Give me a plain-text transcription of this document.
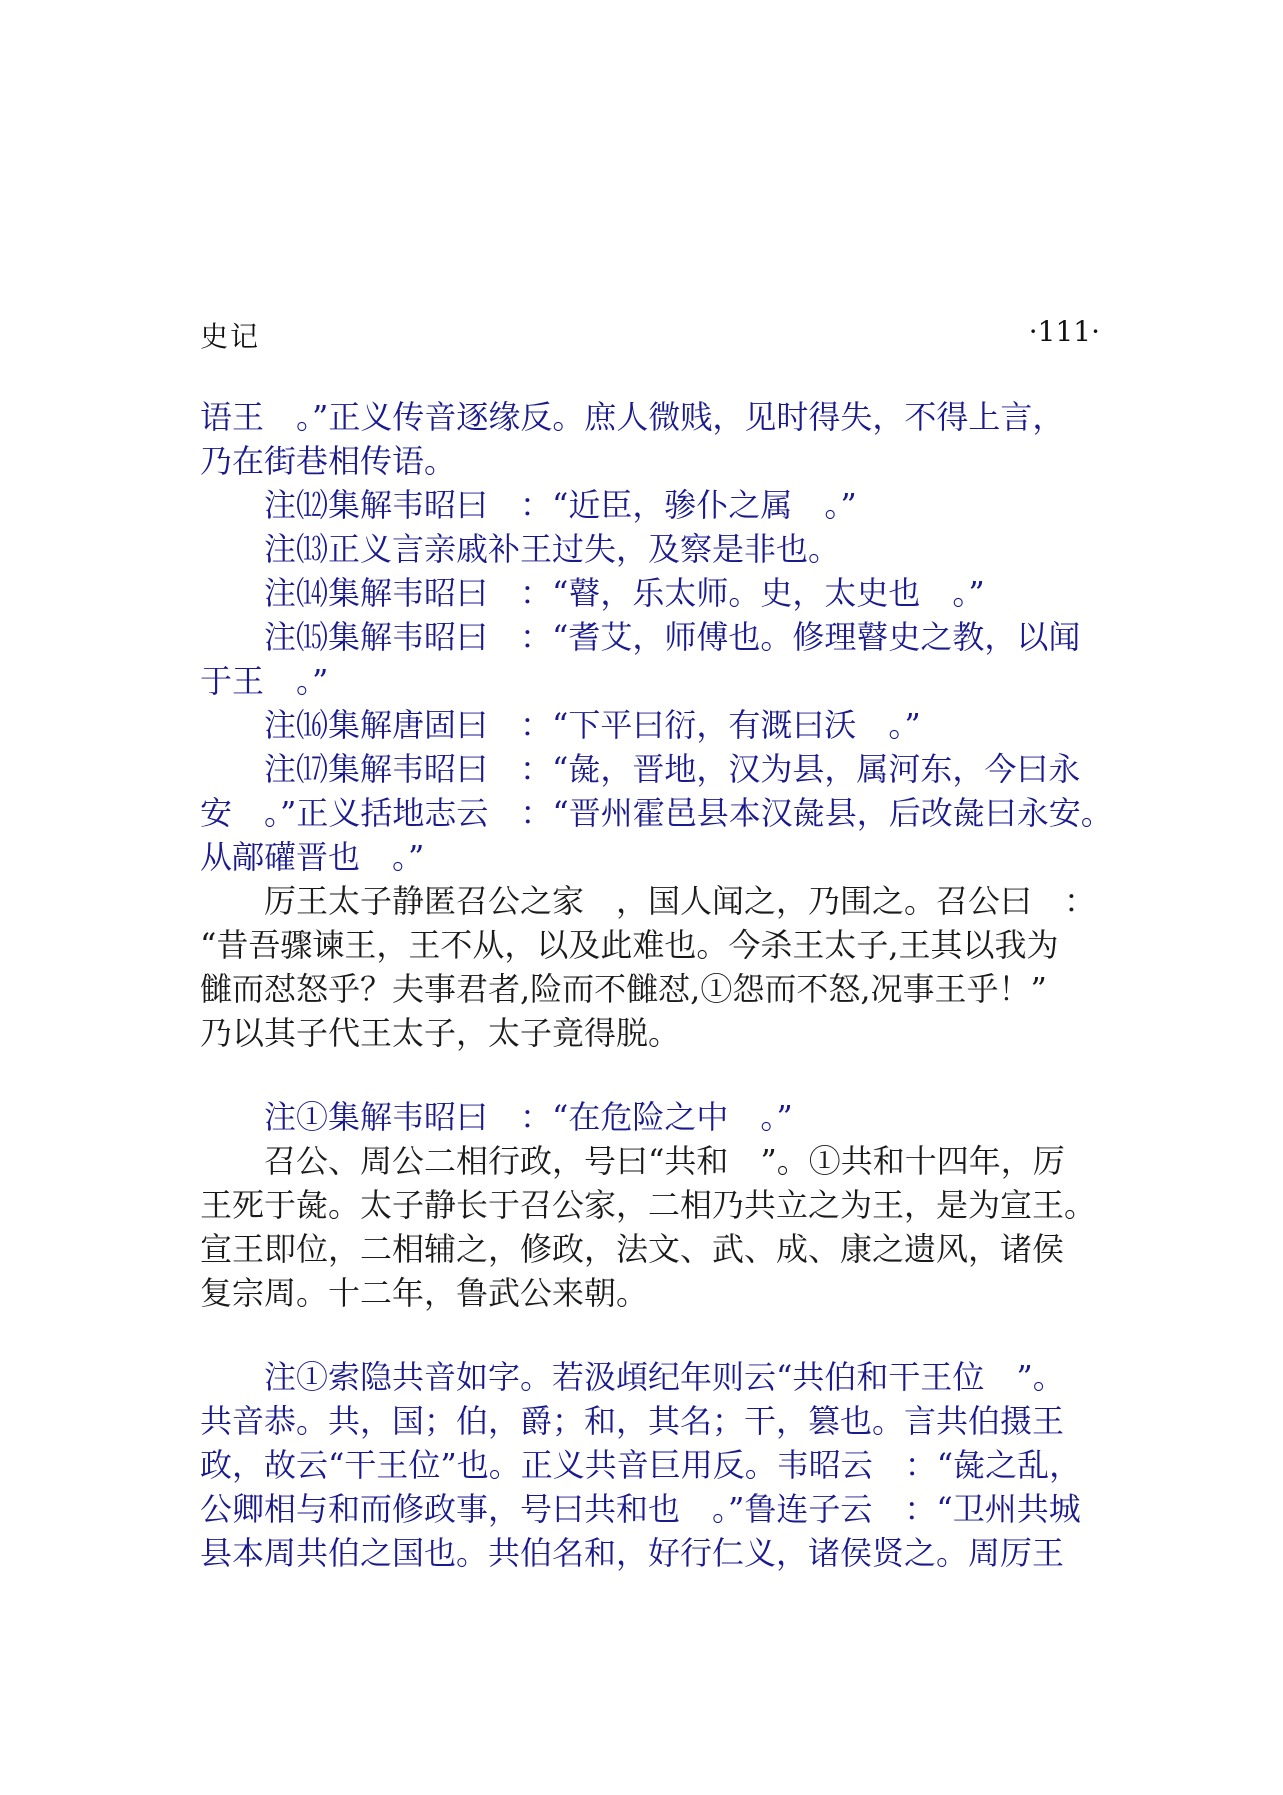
史记	·111·
语王　。”正义传音逐缘反。庶人微贱，见时得失，不得上言，
乃在街巷相传语。
注⑿集解韦昭曰　：“近臣，骖仆之属　。”
注⒀正义言亲戚补王过失，及察是非也。
注⒁集解韦昭曰　：“瞽，乐太师。史，太史也　。”
注⒂集解韦昭曰　：“耆艾，师傅也。修理瞽史之教，以闻
于王　。”
注⒃集解唐固曰　：“下平曰衍，有溉曰沃　。”
注⒄集解韦昭曰　：“彘，晋地，汉为县，属河东，今曰永
安　。”正义括地志云　：“晋州霍邑县本汉彘县，后改彘曰永安。
从鄗礶晋也　。”
厉王太子静匿召公之家　，国人闻之，乃围之。召公曰　：
“昔吾骤谏王，王不从，以及此难也。今杀王太子,王其以我为
雠而怼怒乎？夫事君者,险而不雠怼,①怨而不怒,况事王乎！”
乃以其子代王太子，太子竟得脱。
注①集解韦昭曰　：“在危险之中　。”
召公、周公二相行政，号曰“共和　”。①共和十四年，厉
王死于彘。太子静长于召公家，二相乃共立之为王，是为宣王。
宣王即位，二相辅之，修政，法文、武、成、康之遗风，诸侯
复宗周。十二年，鲁武公来朝。
注①索隐共音如字。若汲頉纪年则云“共伯和干王位　”。
共音恭。共，国；伯，爵；和，其名；干，篡也。言共伯摄王
政，故云“干王位”也。正义共音巨用反。韦昭云　：“彘之乱，
公卿相与和而修政事，号曰共和也　。”鲁连子云　：“卫州共城
县本周共伯之国也。共伯名和，好行仁义，诸侯贤之。周厉王
